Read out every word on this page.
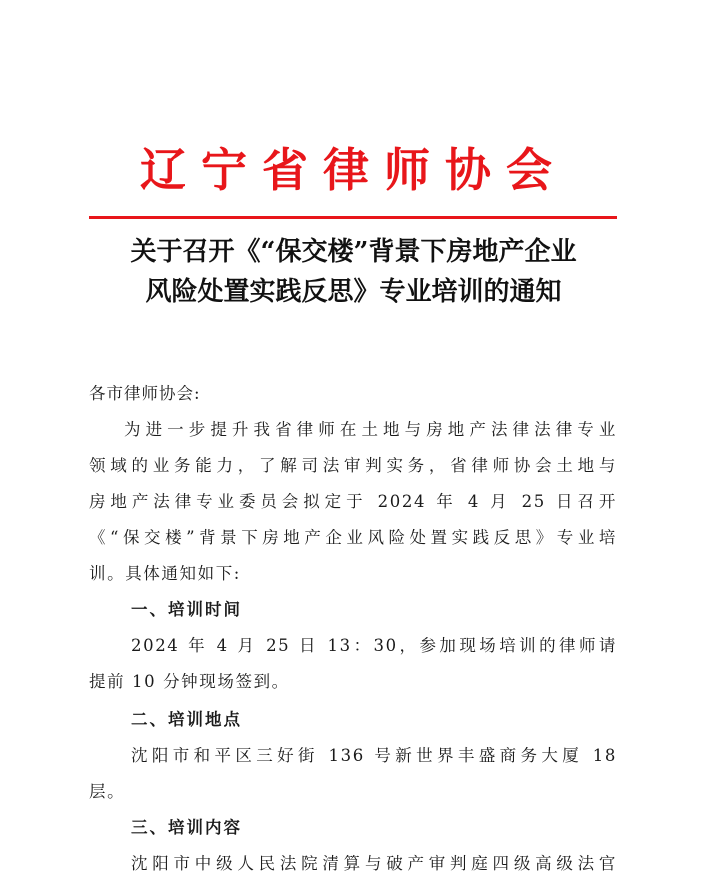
辽宁省律师协会
关于召开《“保交楼”背景下房地产企业
风险处置实践反思》专业培训的通知
各市律师协会:
为进一步提升我省律师在土地与房地产法律法律专业
领域的业务能力，了解司法审判实务，省律师协会土地与
房地产法律专业委员会拟定于 2024 年 4 月 25 日召开
《“保交楼”背景下房地产企业风险处置实践反思》专业培
训。具体通知如下:
一、培训时间
2024 年 4 月 25 日 13：30，参加现场培训的律师请
提前 10 分钟现场签到。
二、培训地点
沈阳市和平区三好街 136 号新世界丰盛商务大厦 18
层。
三、培训内容
沈阳市中级人民法院清算与破产审判庭四级高级法官
